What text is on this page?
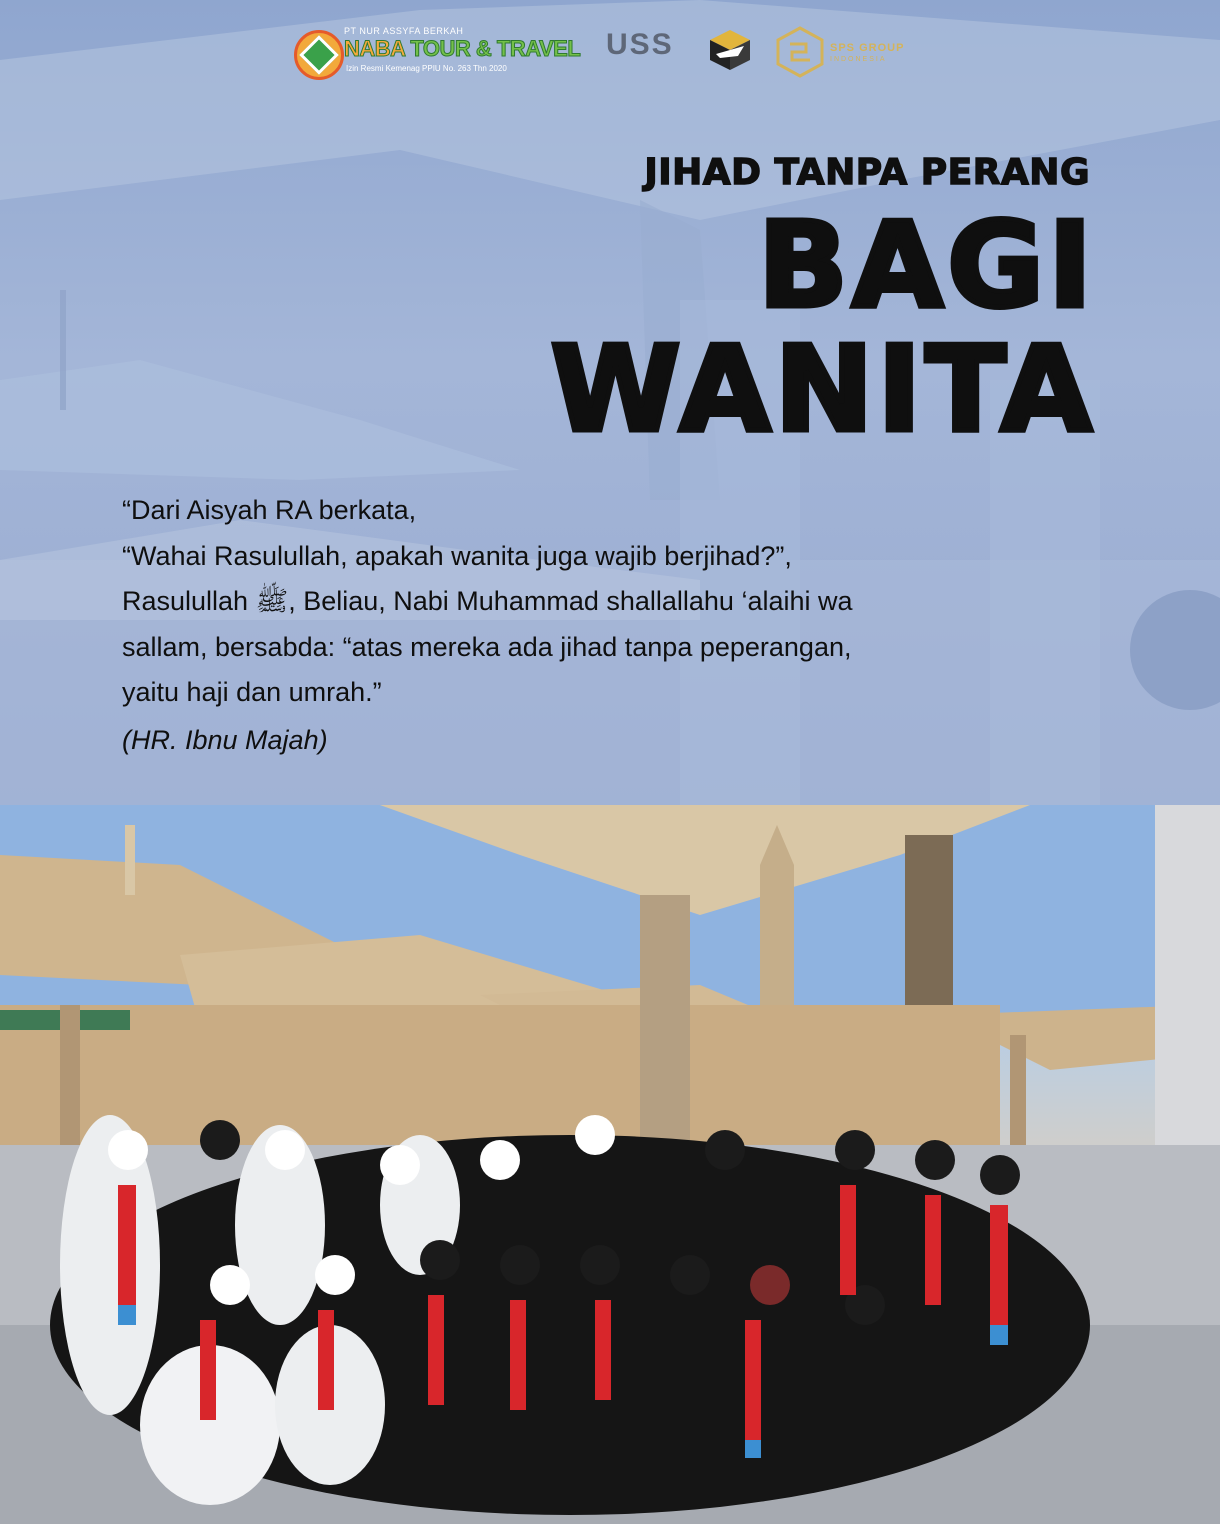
PT NUR ASSYFA BERKAH
NABA TOUR & TRAVEL
Izin Resmi Kemenag PPIU No. 263 Thn 2020
USS	SPS GROUP
INDONESIA
JIHAD TANPA PERANG
BAGI
WANITA

“Dari Aisyah RA berkata,

“Wahai Rasulullah, apakah wanita juga wajib berjihad?”,

Rasulullah ﷺ, Beliau, Nabi Muhammad shallallahu ‘alaihi wa

sallam, bersabda: “atas mereka ada jihad tanpa peperangan,

yaitu haji dan umrah.”

(HR. Ibnu Majah)
